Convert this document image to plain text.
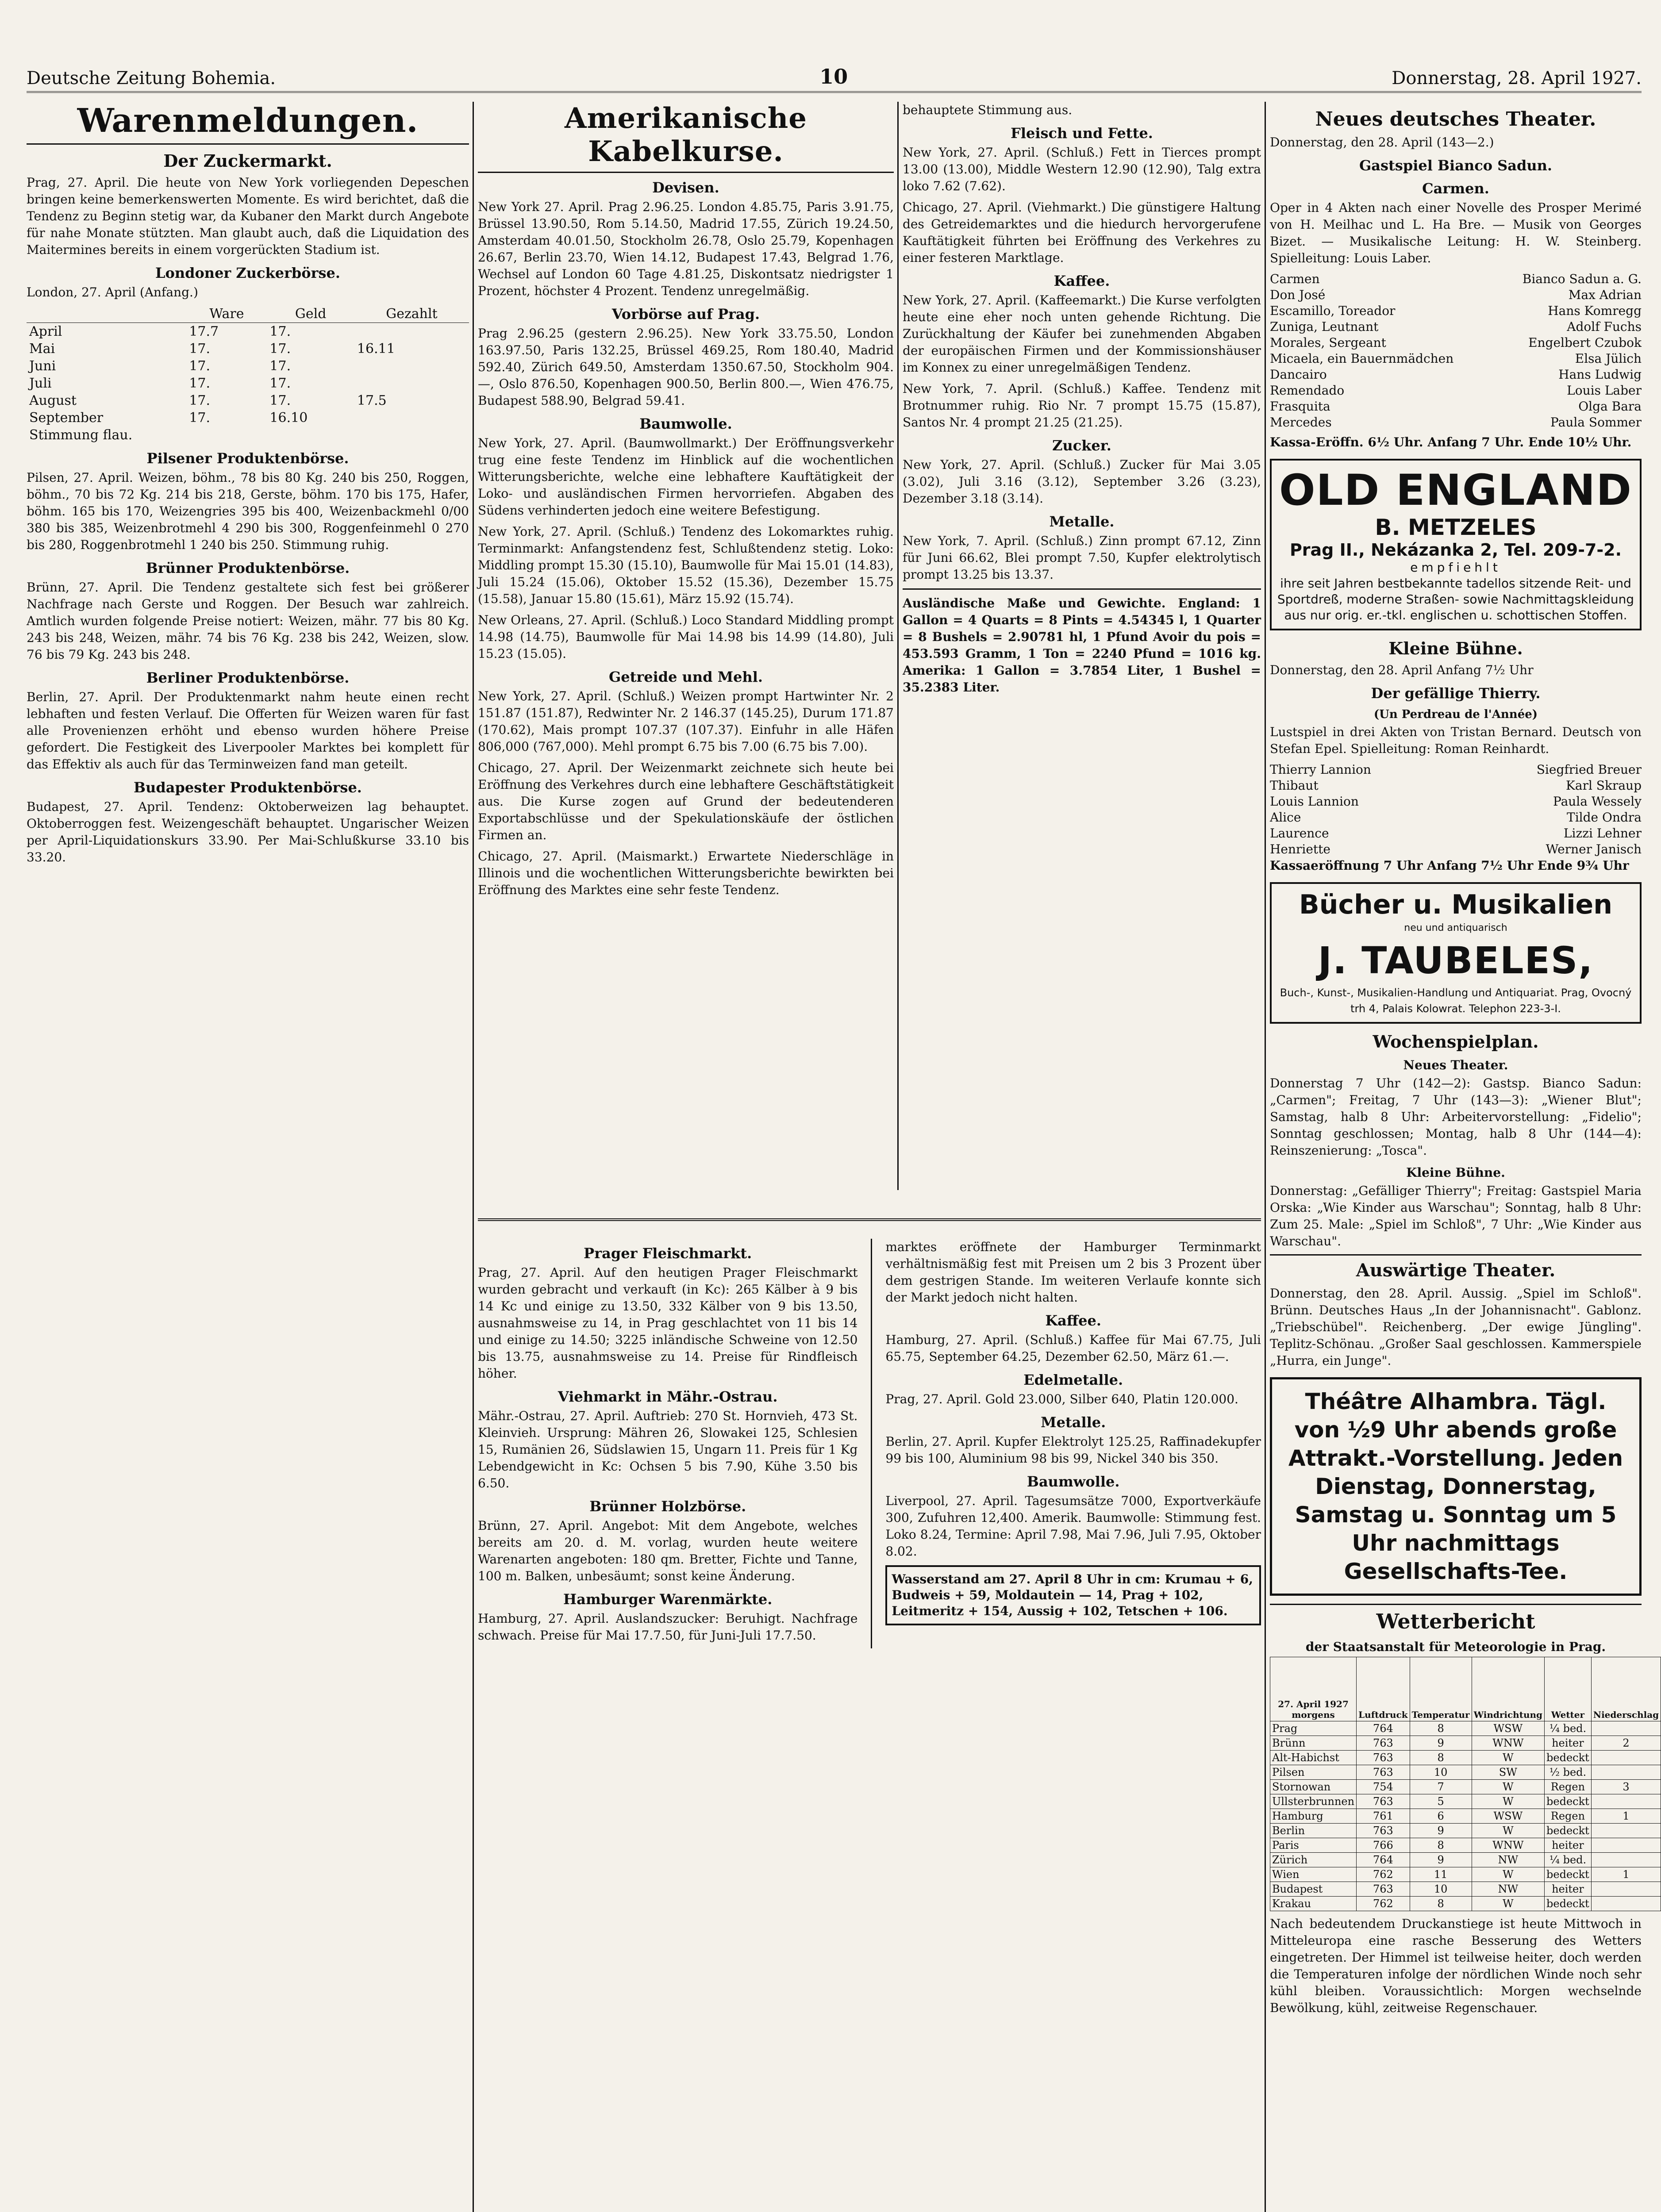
Deutsche Zeitung Bohemia.	10	Donnerstag, 28. April 1927.
Warenmeldungen.
Der Zuckermarkt.

Prag, 27. April. Die heute von New York vorliegenden Depeschen bringen keine bemerkenswerten Momente. Es wird berichtet, daß die Tendenz zu Beginn stetig war, da Kubaner den Markt durch Angebote für nahe Monate stützten. Man glaubt auch, daß die Liquidation des Maitermines bereits in einem vorgerückten Stadium ist.

Londoner Zuckerbörse.

London, 27. April (Anfang.)

	Ware	Geld	Gezahlt
April	17.7	17.	
Mai	17.	17.	16.11
Juni	17.	17.	
Juli	17.	17.	
August	17.	17.	17.5
September	17.	16.10	
Stimmung flau.			
Pilsener Produktenbörse.

Pilsen, 27. April. Weizen, böhm., 78 bis 80 Kg. 240 bis 250, Roggen, böhm., 70 bis 72 Kg. 214 bis 218, Gerste, böhm. 170 bis 175, Hafer, böhm. 165 bis 170, Weizengries 395 bis 400, Weizenbackmehl 0/00 380 bis 385, Weizenbrotmehl 4 290 bis 300, Roggenfeinmehl 0 270 bis 280, Roggenbrotmehl 1 240 bis 250. Stimmung ruhig.

Brünner Produktenbörse.

Brünn, 27. April. Die Tendenz gestaltete sich fest bei größerer Nachfrage nach Gerste und Roggen. Der Besuch war zahlreich. Amtlich wurden folgende Preise notiert: Weizen, mähr. 77 bis 80 Kg. 243 bis 248, Weizen, mähr. 74 bis 76 Kg. 238 bis 242, Weizen, slow. 76 bis 79 Kg. 243 bis 248.

Berliner Produktenbörse.

Berlin, 27. April. Der Produktenmarkt nahm heute einen recht lebhaften und festen Verlauf. Die Offerten für Weizen waren für fast alle Provenienzen erhöht und ebenso wurden höhere Preise gefordert. Die Festigkeit des Liverpooler Marktes bei komplett für das Effektiv als auch für das Terminweizen fand man geteilt.

Budapester Produktenbörse.

Budapest, 27. April. Tendenz: Oktoberweizen lag behauptet. Oktoberroggen fest. Weizengeschäft behauptet. Ungarischer Weizen per April-Liquidationskurs 33.90. Per Mai-Schlußkurse 33.10 bis 33.20.

Amerikanische Kabelkurse.
Devisen.

New York 27. April. Prag 2.96.25. London 4.85.75, Paris 3.91.75, Brüssel 13.90.50, Rom 5.14.50, Madrid 17.55, Zürich 19.24.50, Amsterdam 40.01.50, Stockholm 26.78, Oslo 25.79, Kopenhagen 26.67, Berlin 23.70, Wien 14.12, Budapest 17.43, Belgrad 1.76, Wechsel auf London 60 Tage 4.81.25, Diskontsatz niedrigster 1 Prozent, höchster 4 Prozent. Tendenz unregelmäßig.

Vorbörse auf Prag.

Prag 2.96.25 (gestern 2.96.25). New York 33.75.50, London 163.97.50, Paris 132.25, Brüssel 469.25, Rom 180.40, Madrid 592.40, Zürich 649.50, Amsterdam 1350.67.50, Stockholm 904.—, Oslo 876.50, Kopenhagen 900.50, Berlin 800.—, Wien 476.75, Budapest 588.90, Belgrad 59.41.

Baumwolle.

New York, 27. April. (Baumwollmarkt.) Der Eröffnungsverkehr trug eine feste Tendenz im Hinblick auf die wochentlichen Witterungsberichte, welche eine lebhaftere Kauftätigkeit der Loko- und ausländischen Firmen hervorriefen. Abgaben des Südens verhinderten jedoch eine weitere Befestigung.

New York, 27. April. (Schluß.) Tendenz des Lokomarktes ruhig. Terminmarkt: Anfangstendenz fest, Schlußtendenz stetig. Loko: Middling prompt 15.30 (15.10), Baumwolle für Mai 15.01 (14.83), Juli 15.24 (15.06), Oktober 15.52 (15.36), Dezember 15.75 (15.58), Januar 15.80 (15.61), März 15.92 (15.74).

New Orleans, 27. April. (Schluß.) Loco Standard Middling prompt 14.98 (14.75), Baumwolle für Mai 14.98 bis 14.99 (14.80), Juli 15.23 (15.05).

Getreide und Mehl.

New York, 27. April. (Schluß.) Weizen prompt Hartwinter Nr. 2 151.87 (151.87), Redwinter Nr. 2 146.37 (145.25), Durum 171.87 (170.62), Mais prompt 107.37 (107.37). Einfuhr in alle Häfen 806,000 (767,000). Mehl prompt 6.75 bis 7.00 (6.75 bis 7.00).

Chicago, 27. April. Der Weizenmarkt zeichnete sich heute bei Eröffnung des Verkehres durch eine lebhaftere Geschäftstätigkeit aus. Die Kurse zogen auf Grund der bedeutenderen Exportabschlüsse und der Spekulationskäufe der östlichen Firmen an.

Chicago, 27. April. (Maismarkt.) Erwartete Niederschläge in Illinois und die wochentlichen Witterungsberichte bewirkten bei Eröffnung des Marktes eine sehr feste Tendenz.

behauptete Stimmung aus.

Fleisch und Fette.

New York, 27. April. (Schluß.) Fett in Tierces prompt 13.00 (13.00), Middle Western 12.90 (12.90), Talg extra loko 7.62 (7.62).

Chicago, 27. April. (Viehmarkt.) Die günstigere Haltung des Getreidemarktes und die hiedurch hervorgerufene Kauftätigkeit führten bei Eröffnung des Verkehres zu einer festeren Marktlage.

Kaffee.

New York, 27. April. (Kaffeemarkt.) Die Kurse verfolgten heute eine eher noch unten gehende Richtung. Die Zurückhaltung der Käufer bei zunehmenden Abgaben der europäischen Firmen und der Kommissionshäuser im Konnex zu einer unregelmäßigen Tendenz.

New York, 7. April. (Schluß.) Kaffee. Tendenz mit Brotnummer ruhig. Rio Nr. 7 prompt 15.75 (15.87), Santos Nr. 4 prompt 21.25 (21.25).

Zucker.

New York, 27. April. (Schluß.) Zucker für Mai 3.05 (3.02), Juli 3.16 (3.12), September 3.26 (3.23), Dezember 3.18 (3.14).

Metalle.

New York, 7. April. (Schluß.) Zinn prompt 67.12, Zinn für Juni 66.62, Blei prompt 7.50, Kupfer elektrolytisch prompt 13.25 bis 13.37.

Ausländische Maße und Gewichte. England: 1 Gallon = 4 Quarts = 8 Pints = 4.54345 l, 1 Quarter = 8 Bushels = 2.90781 hl, 1 Pfund Avoir du pois = 453.593 Gramm, 1 Ton = 2240 Pfund = 1016 kg. Amerika: 1 Gallon = 3.7854 Liter, 1 Bushel = 35.2383 Liter.

Prager Fleischmarkt.

Prag, 27. April. Auf den heutigen Prager Fleischmarkt wurden gebracht und verkauft (in Kc): 265 Kälber à 9 bis 14 Kc und einige zu 13.50, 332 Kälber von 9 bis 13.50, ausnahmsweise zu 14, in Prag geschlachtet von 11 bis 14 und einige zu 14.50; 3225 inländische Schweine von 12.50 bis 13.75, ausnahmsweise zu 14. Preise für Rindfleisch höher.

Viehmarkt in Mähr.-Ostrau.

Mähr.-Ostrau, 27. April. Auftrieb: 270 St. Hornvieh, 473 St. Kleinvieh. Ursprung: Mähren 26, Slowakei 125, Schlesien 15, Rumänien 26, Südslawien 15, Ungarn 11. Preis für 1 Kg Lebendgewicht in Kc: Ochsen 5 bis 7.90, Kühe 3.50 bis 6.50.

Brünner Holzbörse.

Brünn, 27. April. Angebot: Mit dem Angebote, welches bereits am 20. d. M. vorlag, wurden heute weitere Warenarten angeboten: 180 qm. Bretter, Fichte und Tanne, 100 m. Balken, unbesäumt; sonst keine Änderung.

Hamburger Warenmärkte.

Hamburg, 27. April. Auslandszucker: Beruhigt. Nachfrage schwach. Preise für Mai 17.7.50, für Juni-Juli 17.7.50.

marktes eröffnete der Hamburger Terminmarkt verhältnismäßig fest mit Preisen um 2 bis 3 Prozent über dem gestrigen Stande. Im weiteren Verlaufe konnte sich der Markt jedoch nicht halten.

Kaffee.

Hamburg, 27. April. (Schluß.) Kaffee für Mai 67.75, Juli 65.75, September 64.25, Dezember 62.50, März 61.—.

Edelmetalle.

Prag, 27. April. Gold 23.000, Silber 640, Platin 120.000.

Metalle.

Berlin, 27. April. Kupfer Elektrolyt 125.25, Raffinadekupfer 99 bis 100, Aluminium 98 bis 99, Nickel 340 bis 350.

Baumwolle.

Liverpool, 27. April. Tagesumsätze 7000, Exportverkäufe 300, Zufuhren 12,400. Amerik. Baumwolle: Stimmung fest. Loko 8.24, Termine: April 7.98, Mai 7.96, Juli 7.95, Oktober 8.02.

Wasserstand am 27. April 8 Uhr in cm: Krumau + 6, Budweis + 59, Moldautein — 14, Prag + 102, Leitmeritz + 154, Aussig + 102, Tetschen + 106.
Neues deutsches Theater.

Donnerstag, den 28. April (143—2.)

Gastspiel Bianco Sadun.
Carmen.

Oper in 4 Akten nach einer Novelle des Prosper Merimé von H. Meilhac und L. Ha Bre. — Musik von Georges Bizet. — Musikalische Leitung: H. W. Steinberg. Spielleitung: Louis Laber.

Carmen	Bianco Sadun a. G.
Don José	Max Adrian
Escamillo, Toreador	Hans Komregg
Zuniga, Leutnant	Adolf Fuchs
Morales, Sergeant	Engelbert Czubok
Micaela, ein Bauernmädchen	Elsa Jülich
Dancairo	Hans Ludwig
Remendado	Louis Laber
Frasquita	Olga Bara
Mercedes	Paula Sommer

Kassa-Eröffn. 6½ Uhr. Anfang 7 Uhr. Ende 10½ Uhr.

OLD ENGLAND
B. METZELES
Prag II., Nekázanka 2, Tel. 209-7-2.
empfiehlt
ihre seit Jahren bestbekannte tadellos sitzende Reit- und Sportdreß, moderne Straßen- sowie Nachmittagskleidung aus nur orig. er.-tkl. englischen u. schottischen Stoffen.
Kleine Bühne.

Donnerstag, den 28. April Anfang 7½ Uhr

Der gefällige Thierry.
(Un Perdreau de l'Année)

Lustspiel in drei Akten von Tristan Bernard. Deutsch von Stefan Epel. Spielleitung: Roman Reinhardt.

Thierry Lannion	Siegfried Breuer
Thibaut	Karl Skraup
Louis Lannion	Paula Wessely
Alice	Tilde Ondra
Laurence	Lizzi Lehner
Henriette	Werner Janisch

Kassaeröffnung 7 Uhr Anfang 7½ Uhr Ende 9¾ Uhr

Bücher u. Musikalien
neu und antiquarisch
J. TAUBELES,
Buch-, Kunst-, Musikalien-Handlung und Antiquariat. Prag, Ovocný trh 4, Palais Kolowrat. Telephon 223-3-I.
Wochenspielplan.
Neues Theater.

Donnerstag 7 Uhr (142—2): Gastsp. Bianco Sadun: „Carmen"; Freitag, 7 Uhr (143—3): „Wiener Blut"; Samstag, halb 8 Uhr: Arbeitervorstellung: „Fidelio"; Sonntag geschlossen; Montag, halb 8 Uhr (144—4): Reinszenierung: „Tosca".

Kleine Bühne.

Donnerstag: „Gefälliger Thierry"; Freitag: Gastspiel Maria Orska: „Wie Kinder aus Warschau"; Sonntag, halb 8 Uhr: Zum 25. Male: „Spiel im Schloß", 7 Uhr: „Wie Kinder aus Warschau".

Auswärtige Theater.

Donnerstag, den 28. April. Aussig. „Spiel im Schloß". Brünn. Deutsches Haus „In der Johannisnacht". Gablonz. „Triebschübel". Reichenberg. „Der ewige Jüngling". Teplitz-Schönau. „Großer Saal geschlossen. Kammerspiele „Hurra, ein Junge".

Théâtre Alhambra. Tägl. von ½9 Uhr abends große Attrakt.-Vorstellung. Jeden Dienstag, Donnerstag, Samstag u. Sonntag um 5 Uhr nachmittags Gesellschafts-Tee.
Wetterbericht
der Staatsanstalt für Meteorologie in Prag.
27. April 1927 morgens	Luftdruck	Temperatur	Windrichtung	Wetter	Niederschlag
Prag	764	8	WSW	¼ bed.	
Brünn	763	9	WNW	heiter	2
Alt-Habichst	763	8	W	bedeckt	
Pilsen	763	10	SW	½ bed.	
Stornowan	754	7	W	Regen	3
Ullsterbrunnen	763	5	W	bedeckt	
Hamburg	761	6	WSW	Regen	1
Berlin	763	9	W	bedeckt	
Paris	766	8	WNW	heiter	
Zürich	764	9	NW	¼ bed.	
Wien	762	11	W	bedeckt	1
Budapest	763	10	NW	heiter	
Krakau	762	8	W	bedeckt	

Nach bedeutendem Druckanstiege ist heute Mittwoch in Mitteleuropa eine rasche Besserung des Wetters eingetreten. Der Himmel ist teilweise heiter, doch werden die Temperaturen infolge der nördlichen Winde noch sehr kühl bleiben. Voraussichtlich: Morgen wechselnde Bewölkung, kühl, zeitweise Regenschauer.
